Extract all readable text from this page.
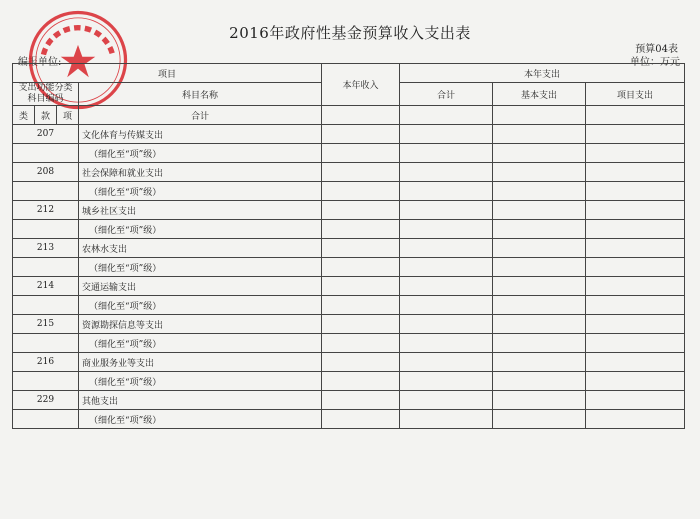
2016年政府性基金预算收入支出表
预算04表
编报单位:	单位：万元
项目				本年收入	本年支出		
支出功能分类
科目编码			科目名称		合计	基本支出	项目支出

类	款	项	合计				
207			文化体育与传媒支出				
			（细化至“项”级）				
208			社会保障和就业支出				
			（细化至“项”级）				
212			城乡社区支出				
			（细化至“项”级）				
213			农林水支出				
			（细化至“项”级）				
214			交通运输支出				
			（细化至“项”级）				
215			资源勘探信息等支出				
			（细化至“项”级）				
216			商业服务业等支出				
			（细化至“项”级）				
229			其他支出				
			（细化至“项”级）				
